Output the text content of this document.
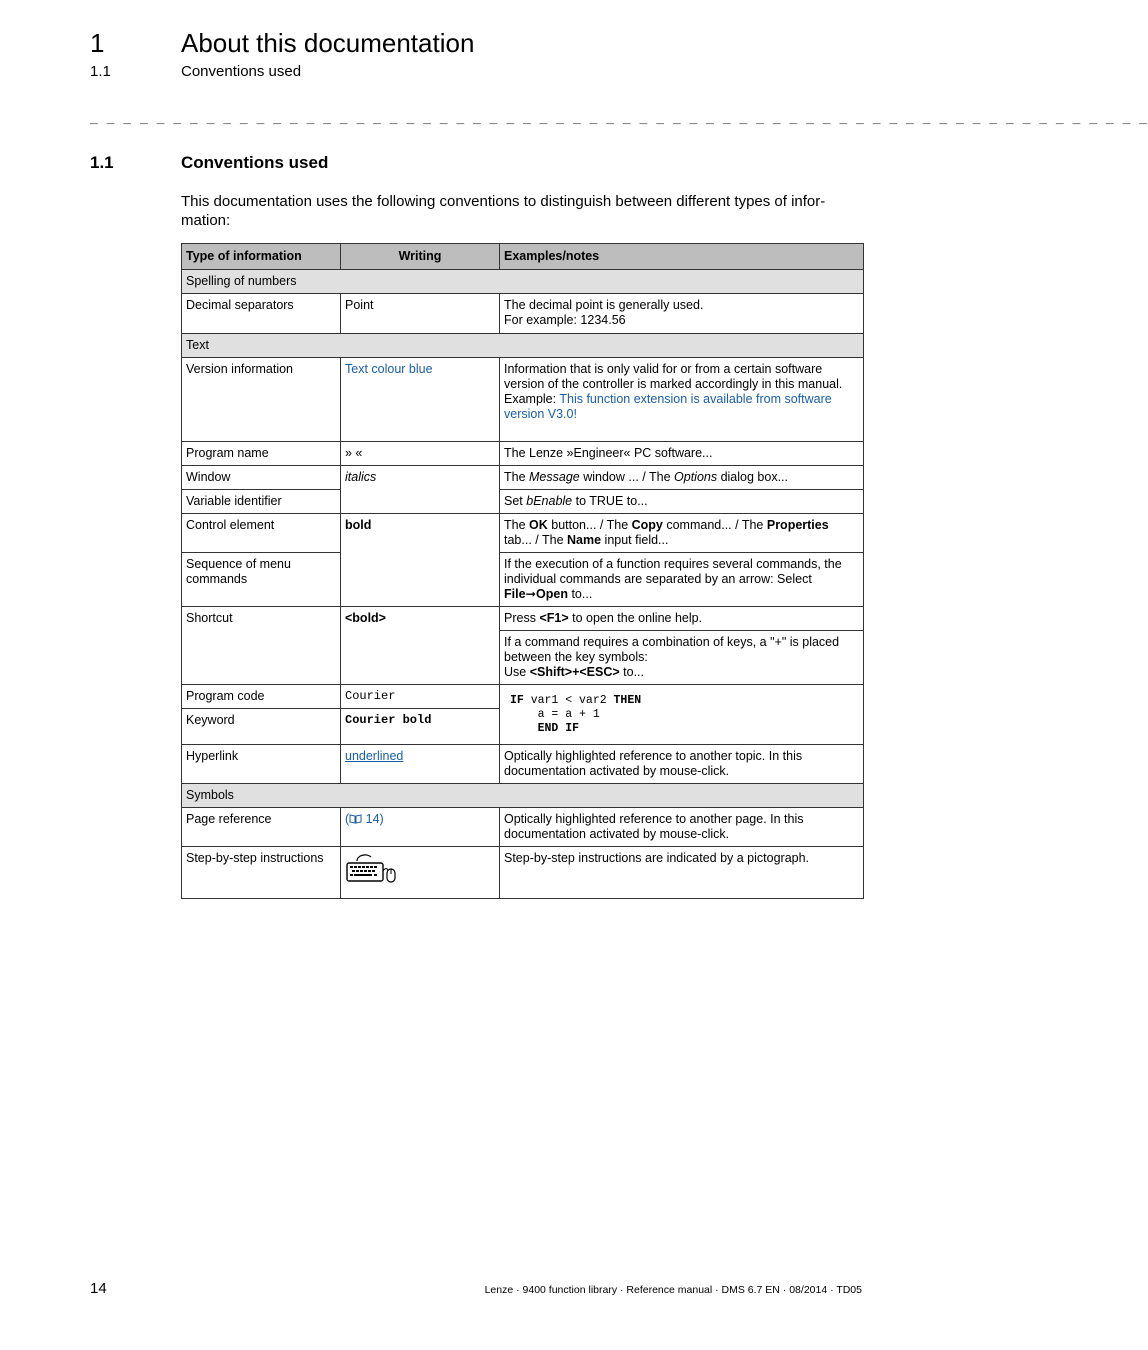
1	About this documentation
1.1	Conventions used
_ _ _ _ _ _ _ _ _ _ _ _ _ _ _ _ _ _ _ _ _ _ _ _ _ _ _ _ _ _ _ _ _ _ _ _ _ _ _ _ _ _ _ _ _ _ _ _ _ _ _ _ _ _ _ _ _ _ _ _ _ _ _ _
1.1	Conventions used
This documentation uses the following conventions to distinguish between different types of infor-
mation:
Type of information	Writing	Examples/notes
Spelling of numbers		
Decimal separators	Point	The decimal point is generally used.
For example: 1234.56
Text		
Version information	Text colour blue	Information that is only valid for or from a certain software version of the controller is marked accordingly in this manual.
Example: This function extension is available from software version V3.0!
Program name	» «	The Lenze »Engineer« PC software...
Window	italics	The Message window ... / The Options dialog box...
Variable identifier		Set bEnable to TRUE to...
Control element	bold	The OK button... / The Copy command... / The Properties
tab... / The Name input field...
Sequence of menu commands		If the execution of a function requires several commands, the individual commands are separated by an arrow: Select File➞Open to...
Shortcut	<bold>	Press <F1> to open the online help.
		If a command requires a combination of keys, a "+" is placed between the key symbols:
Use <Shift>+<ESC> to...
Program code	Courier	IF var1 < var2 THEN
a = a + 1
END IF

Keyword	Courier bold	
Hyperlink	underlined	Optically highlighted reference to another topic. In this documentation activated by mouse-click.
Symbols		
Page reference	( 14)	Optically highlighted reference to another page. In this documentation activated by mouse-click.
Step-by-step instructions		Step-by-step instructions are indicated by a pictograph.
14	Lenze · 9400 function library · Reference manual · DMS 6.7 EN · 08/2014 · TD05
